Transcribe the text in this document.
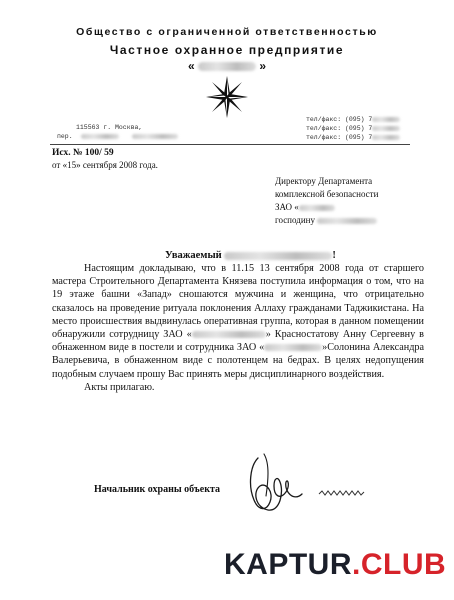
Общество с ограниченной ответственностью
Частное охранное предприятие
«	»
115563 г. Москва,
пер.
тел/факс: (095) 7
тел/факс: (095) 7
тел/факс: (095) 7
Исх. № 100/ 59
от «15» сентября 2008 года.
Директору Департамента
комплексной безопасности
ЗАО «
господину
Уважаемый	!

Настоящим докладываю, что в 11.15 13 сентября 2008 года от старшего мастера Строительного Департамента Князева поступила информация о том, что на 19 этаже башни «Запад» сношаются мужчина и женщина, что отрицательно сказалось на проведение ритуала поклонения Аллаху гражданами Таджикистана. На место происшествия выдвинулась оперативная группа, которая в данном помещении обнаружили сотрудницу ЗАО «	» Красностатову Анну Сергеевну в обнаженном виде в постели и сотрудника ЗАО «	»Солонина Александра Валерьевича, в обнаженном виде с полотенцем на бедрах. В целях недопущения подобным случаем прошу Вас принять меры дисциплинарного воздействия.

Акты прилагаю.

Начальник охраны объекта
KAPTUR.CLUB
